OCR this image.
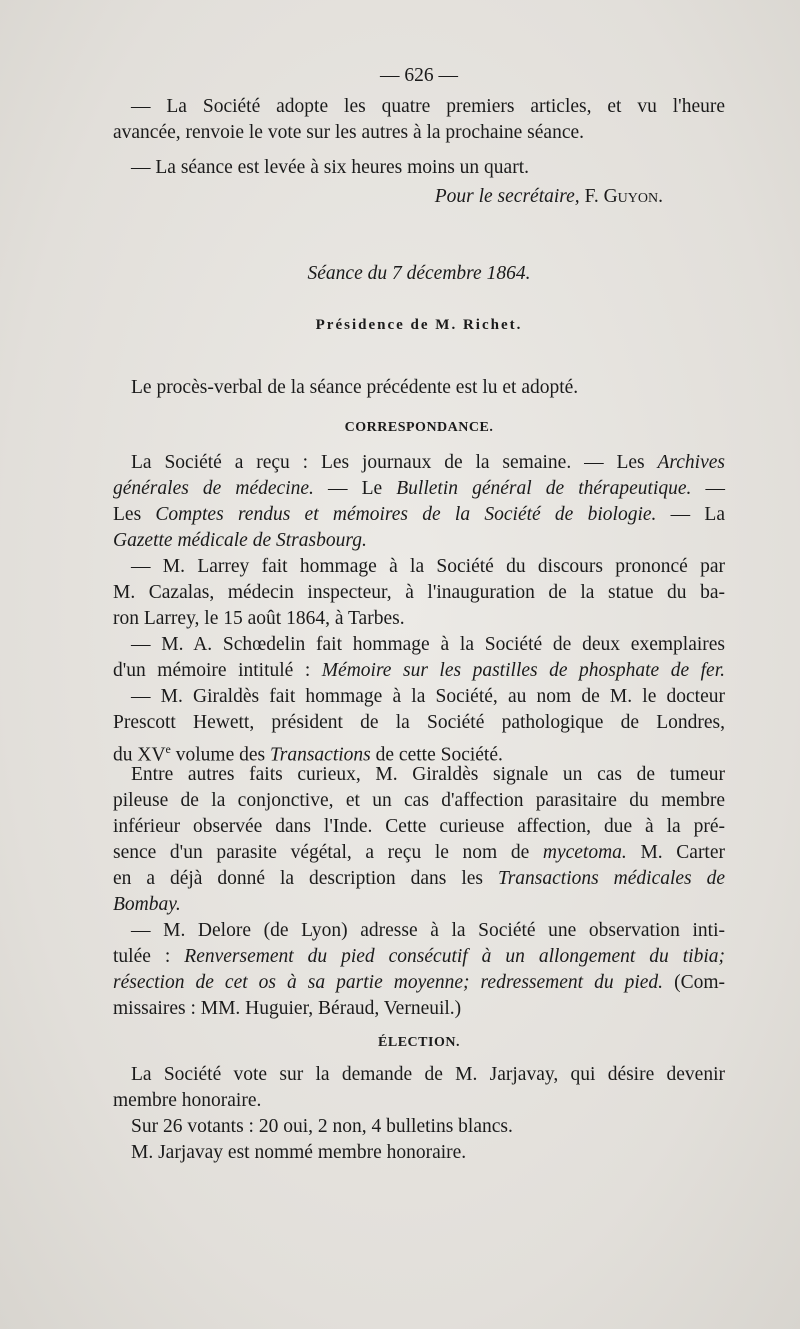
— 626 —
— La Société adopte les quatre premiers articles, et vu l'heure
avancée, renvoie le vote sur les autres à la prochaine séance.
— La séance est levée à six heures moins un quart.
Pour le secrétaire, F. Guyon.
Séance du 7 décembre 1864.
Présidence de M. Richet.
Le procès-verbal de la séance précédente est lu et adopté.
CORRESPONDANCE.
La Société a reçu : Les journaux de la semaine. — Les Archives
générales de médecine. — Le Bulletin général de thérapeutique. —
Les Comptes rendus et mémoires de la Société de biologie. — La
Gazette médicale de Strasbourg.
— M. Larrey fait hommage à la Société du discours prononcé par
M. Cazalas, médecin inspecteur, à l'inauguration de la statue du ba-
ron Larrey, le 15 août 1864, à Tarbes.
— M. A. Schœdelin fait hommage à la Société de deux exemplaires
d'un mémoire intitulé : Mémoire sur les pastilles de phosphate de fer.
— M. Giraldès fait hommage à la Société, au nom de M. le docteur
Prescott Hewett, président de la Société pathologique de Londres,
du XVe volume des Transactions de cette Société.
Entre autres faits curieux, M. Giraldès signale un cas de tumeur
pileuse de la conjonctive, et un cas d'affection parasitaire du membre
inférieur observée dans l'Inde. Cette curieuse affection, due à la pré-
sence d'un parasite végétal, a reçu le nom de mycetoma. M. Carter
en a déjà donné la description dans les Transactions médicales de
Bombay.
— M. Delore (de Lyon) adresse à la Société une observation inti-
tulée : Renversement du pied consécutif à un allongement du tibia;
résection de cet os à sa partie moyenne; redressement du pied. (Com-
missaires : MM. Huguier, Béraud, Verneuil.)
ÉLECTION.
La Société vote sur la demande de M. Jarjavay, qui désire devenir
membre honoraire.
Sur 26 votants : 20 oui, 2 non, 4 bulletins blancs.
M. Jarjavay est nommé membre honoraire.
